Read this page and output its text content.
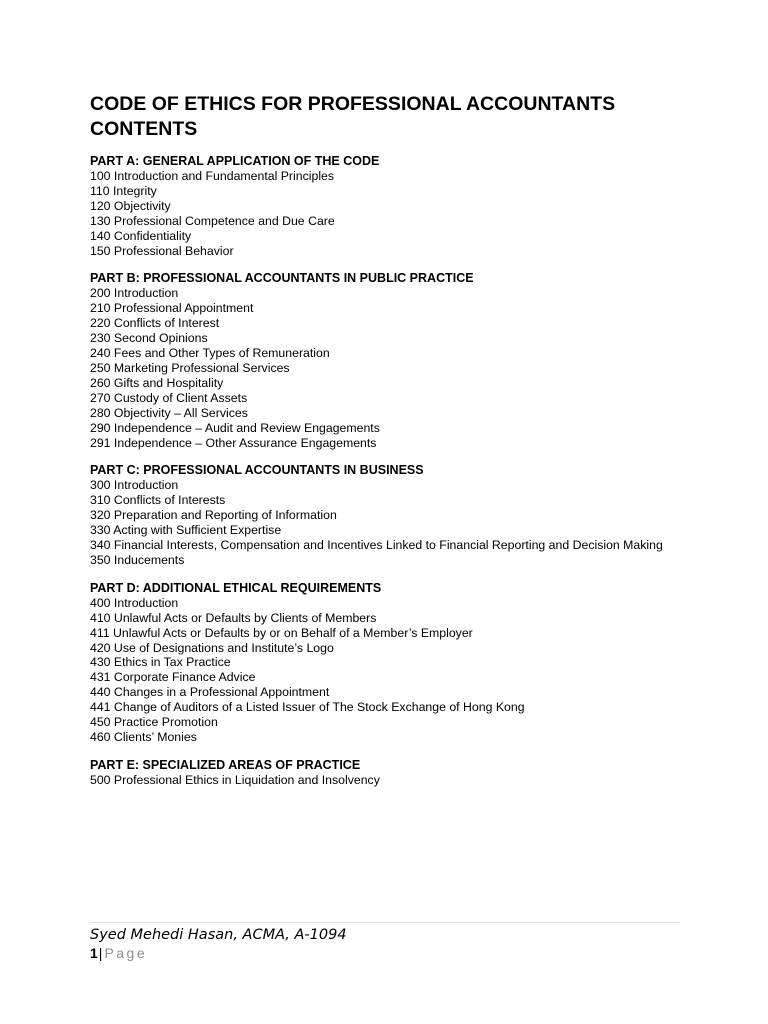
CODE OF ETHICS FOR PROFESSIONAL ACCOUNTANTS
CONTENTS
PART A: GENERAL APPLICATION OF THE CODE
100 Introduction and Fundamental Principles
110 Integrity
120 Objectivity
130 Professional Competence and Due Care
140 Confidentiality
150 Professional Behavior
PART B: PROFESSIONAL ACCOUNTANTS IN PUBLIC PRACTICE
200 Introduction
210 Professional Appointment
220 Conflicts of Interest
230 Second Opinions
240 Fees and Other Types of Remuneration
250 Marketing Professional Services
260 Gifts and Hospitality
270 Custody of Client Assets
280 Objectivity – All Services
290 Independence – Audit and Review Engagements
291 Independence – Other Assurance Engagements
PART C: PROFESSIONAL ACCOUNTANTS IN BUSINESS
300 Introduction
310 Conflicts of Interests
320 Preparation and Reporting of Information
330 Acting with Sufficient Expertise
340 Financial Interests, Compensation and Incentives Linked to Financial Reporting and Decision Making
350 Inducements
PART D: ADDITIONAL ETHICAL REQUIREMENTS
400 Introduction
410 Unlawful Acts or Defaults by Clients of Members
411 Unlawful Acts or Defaults by or on Behalf of a Member’s Employer
420 Use of Designations and Institute’s Logo
430 Ethics in Tax Practice
431 Corporate Finance Advice
440 Changes in a Professional Appointment
441 Change of Auditors of a Listed Issuer of The Stock Exchange of Hong Kong
450 Practice Promotion
460 Clients’ Monies
PART E: SPECIALIZED AREAS OF PRACTICE
500 Professional Ethics in Liquidation and Insolvency
Syed Mehedi Hasan, ACMA, A-1094
1| Page
